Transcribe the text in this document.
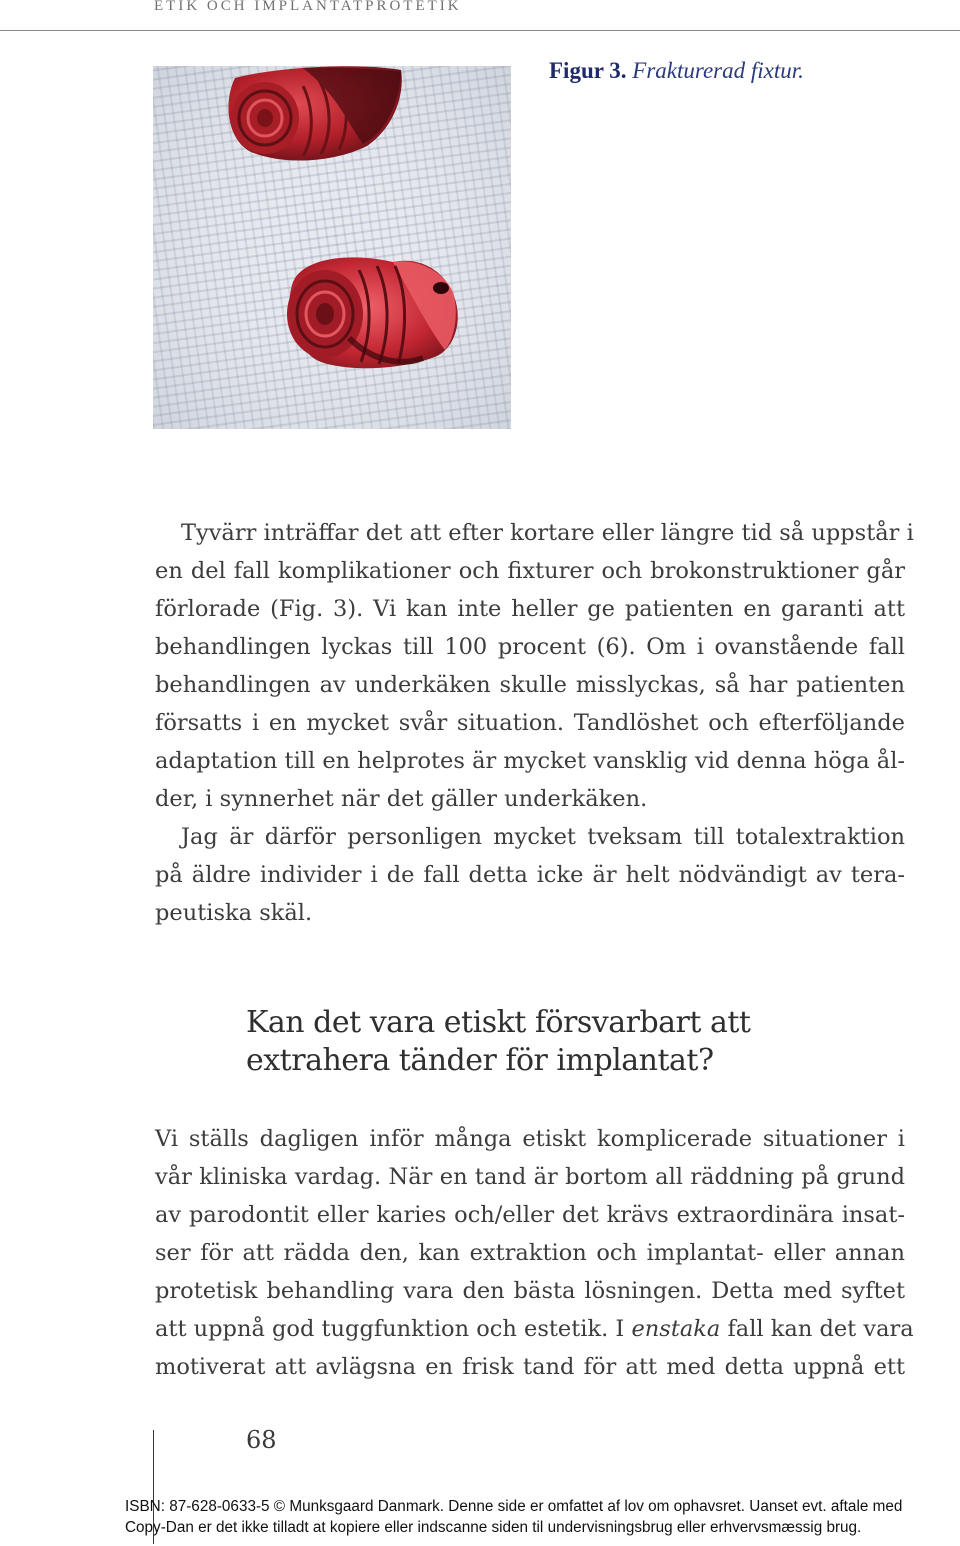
ETIK OCH IMPLANTATPROTETIK
Figur 3. Frakturerad fixtur.
Tyvärr inträffar det att efter kortare eller längre tid så uppstår i
en del fall komplikationer och fixturer och brokonstruktioner går
förlorade (Fig. 3). Vi kan inte heller ge patienten en garanti att
behandlingen lyckas till 100 procent (6). Om i ovanstående fall
behandlingen av underkäken skulle misslyckas, så har patienten
försatts i en mycket svår situation. Tandlöshet och efterföljande
adaptation till en helprotes är mycket vansklig vid denna höga ål-
der, i synnerhet när det gäller underkäken.
Jag är därför personligen mycket tveksam till totalextraktion
på äldre individer i de fall detta icke är helt nödvändigt av tera-
peutiska skäl.
Kan det vara etiskt försvarbart att
extrahera tänder för implantat?
Vi ställs dagligen inför många etiskt komplicerade situationer i
vår kliniska vardag. När en tand är bortom all räddning på grund
av parodontit eller karies och/eller det krävs extraordinära insat-
ser för att rädda den, kan extraktion och implantat- eller annan
protetisk behandling vara den bästa lösningen. Detta med syftet
att uppnå god tuggfunktion och estetik. I enstaka fall kan det vara
motiverat att avlägsna en frisk tand för att med detta uppnå ett
68
ISBN: 87-628-0633-5 © Munksgaard Danmark. Denne side er omfattet af lov om ophavsret. Uanset evt. aftale med
Copy-Dan er det ikke tilladt at kopiere eller indscanne siden til undervisningsbrug eller erhvervsmæssig brug.
